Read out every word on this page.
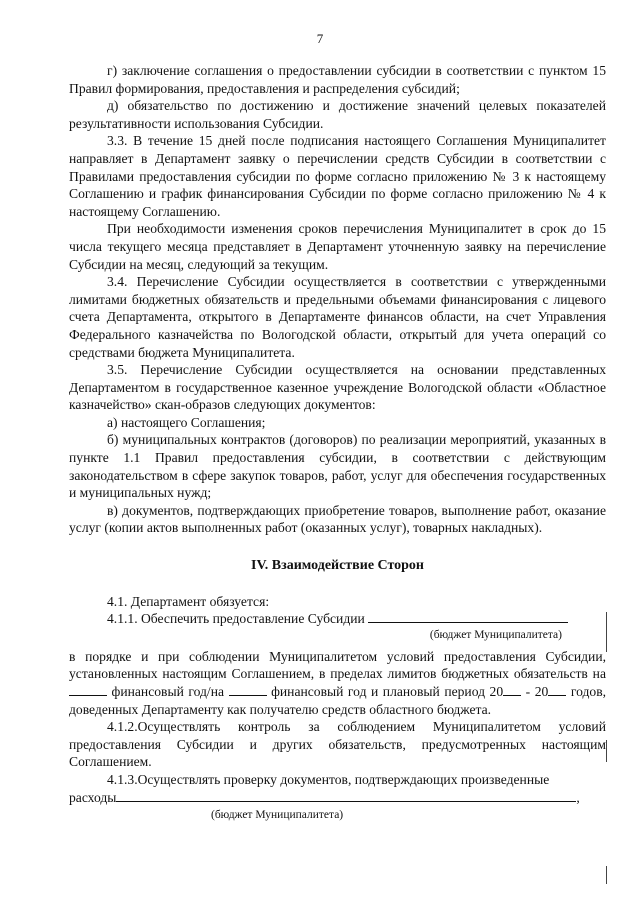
7

г) заключение соглашения о предоставлении субсидии в соответствии с пунктом 15 Правил формирования, предоставления и распределения субсидий;

д) обязательство по достижению и достижение значений целевых показателей результативности использования Субсидии.

3.3. В течение 15 дней после подписания настоящего Соглашения Муниципалитет направляет в Департамент заявку о перечислении средств Субсидии в соответствии с Правилами предоставления субсидии по форме согласно приложению № 3 к настоящему Соглашению и график финансирования Субсидии по форме согласно приложению № 4 к настоящему Соглашению.

При необходимости изменения сроков перечисления Муниципалитет в срок до 15 числа текущего месяца представляет в Департамент уточненную заявку на перечисление Субсидии на месяц, следующий за текущим.

3.4. Перечисление Субсидии осуществляется в соответствии с утвержденными лимитами бюджетных обязательств и предельными объемами финансирования с лицевого счета Департамента, открытого в Департаменте финансов области, на счет Управления Федерального казначейства по Вологодской области, открытый для учета операций со средствами бюджета Муниципалитета.

3.5. Перечисление Субсидии осуществляется на основании представленных Департаментом в государственное казенное учреждение Вологодской области «Областное казначейство» скан-образов следующих документов:

а) настоящего Соглашения;

б) муниципальных контрактов (договоров) по реализации мероприятий, указанных в пункте 1.1 Правил предоставления субсидии, в соответствии с действующим законодательством в сфере закупок товаров, работ, услуг для обеспечения государственных и муниципальных нужд;

в) документов, подтверждающих приобретение товаров, выполнение работ, оказание услуг (копии актов выполненных работ (оказанных услуг), товарных накладных).

IV. Взаимодействие Сторон

4.1. Департамент обязуется:

4.1.1. Обеспечить предоставление Субсидии

(бюджет Муниципалитета)

в порядке и при соблюдении Муниципалитетом условий предоставления Субсидии, установленных настоящим Соглашением, в пределах лимитов бюджетных обязательств на  финансовый год/на	финансовый год и плановый период 20 - 20 годов, доведенных Департаменту как получателю средств областного бюджета.

4.1.2.Осуществлять контроль за соблюдением Муниципалитетом условий предоставления Субсидии и других обязательств, предусмотренных настоящим Соглашением.

4.1.3.Осуществлять проверку документов, подтверждающих произведенные

расходы	,

(бюджет Муниципалитета)
